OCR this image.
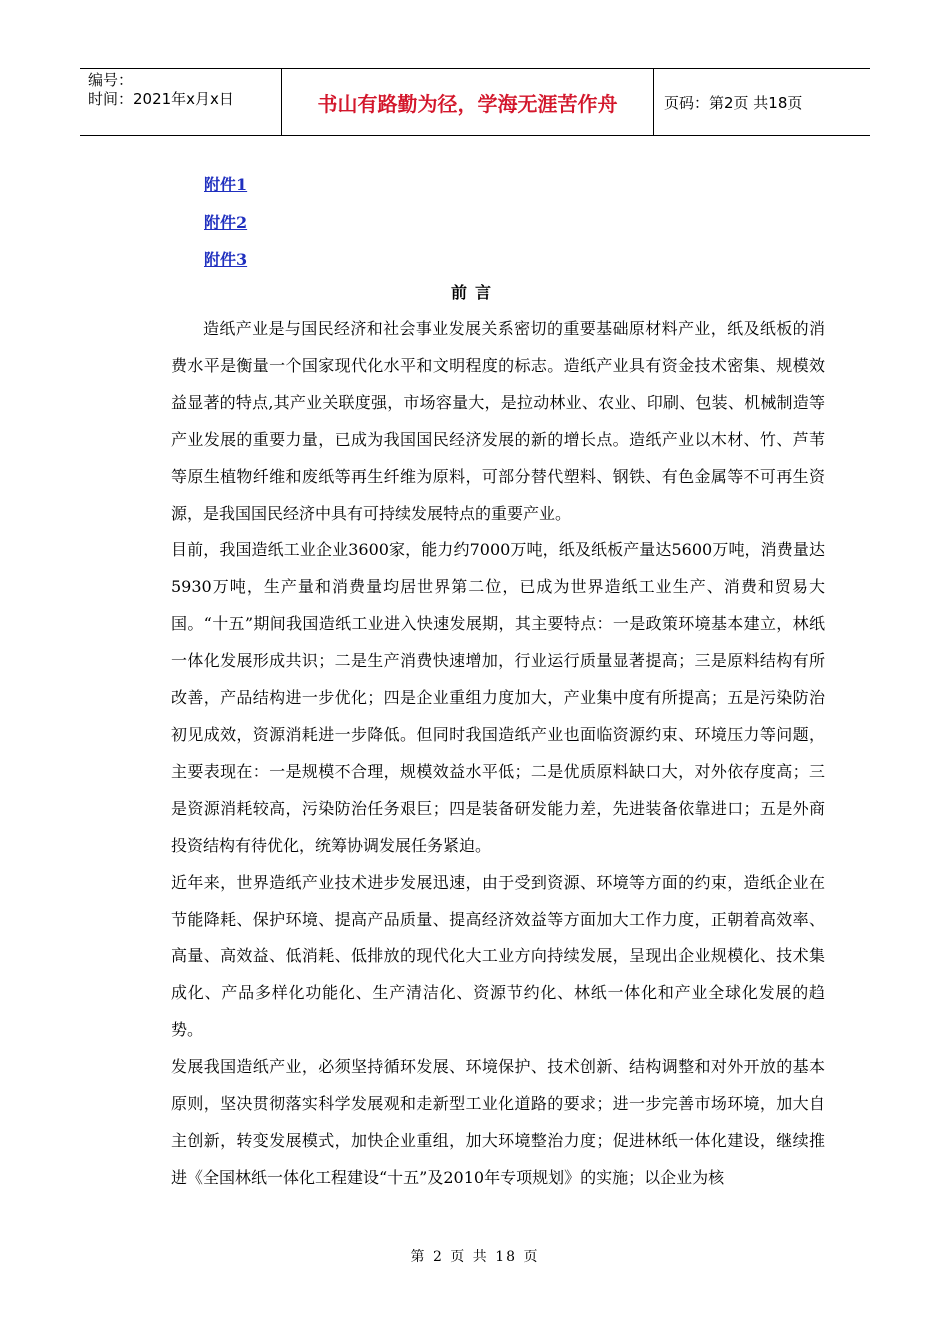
编号：
时间：2021年x月x日	书山有路勤为径，学海无涯苦作舟	页码：第2页 共18页
附件1
附件2
附件3
前言

造纸产业是与国民经济和社会事业发展关系密切的重要基础原材料产业，纸及纸板的消费水平是衡量一个国家现代化水平和文明程度的标志。造纸产业具有资金技术密集、规模效益显著的特点,其产业关联度强，市场容量大，是拉动林业、农业、印刷、包装、机械制造等产业发展的重要力量，已成为我国国民经济发展的新的增长点。造纸产业以木材、竹、芦苇等原生植物纤维和废纸等再生纤维为原料，可部分替代塑料、钢铁、有色金属等不可再生资源，是我国国民经济中具有可持续发展特点的重要产业。

目前，我国造纸工业企业3600家，能力约7000万吨，纸及纸板产量达5600万吨，消费量达5930万吨，生产量和消费量均居世界第二位，已成为世界造纸工业生产、消费和贸易大国。“十五”期间我国造纸工业进入快速发展期，其主要特点：一是政策环境基本建立，林纸一体化发展形成共识；二是生产消费快速增加，行业运行质量显著提高；三是原料结构有所改善，产品结构进一步优化；四是企业重组力度加大，产业集中度有所提高；五是污染防治初见成效，资源消耗进一步降低。但同时我国造纸产业也面临资源约束、环境压力等问题，主要表现在：一是规模不合理，规模效益水平低；二是优质原料缺口大，对外依存度高；三是资源消耗较高，污染防治任务艰巨；四是装备研发能力差，先进装备依靠进口；五是外商投资结构有待优化，统筹协调发展任务紧迫。

近年来，世界造纸产业技术进步发展迅速，由于受到资源、环境等方面的约束，造纸企业在节能降耗、保护环境、提高产品质量、提高经济效益等方面加大工作力度，正朝着高效率、高量、高效益、低消耗、低排放的现代化大工业方向持续发展，呈现出企业规模化、技术集成化、产品多样化功能化、生产清洁化、资源节约化、林纸一体化和产业全球化发展的趋势。

发展我国造纸产业，必须坚持循环发展、环境保护、技术创新、结构调整和对外开放的基本原则，坚决贯彻落实科学发展观和走新型工业化道路的要求；进一步完善市场环境，加大自主创新，转变发展模式，加快企业重组，加大环境整治力度；促进林纸一体化建设，继续推进《全国林纸一体化工程建设“十五”及2010年专项规划》的实施；以企业为核

第 2 页 共 18 页
